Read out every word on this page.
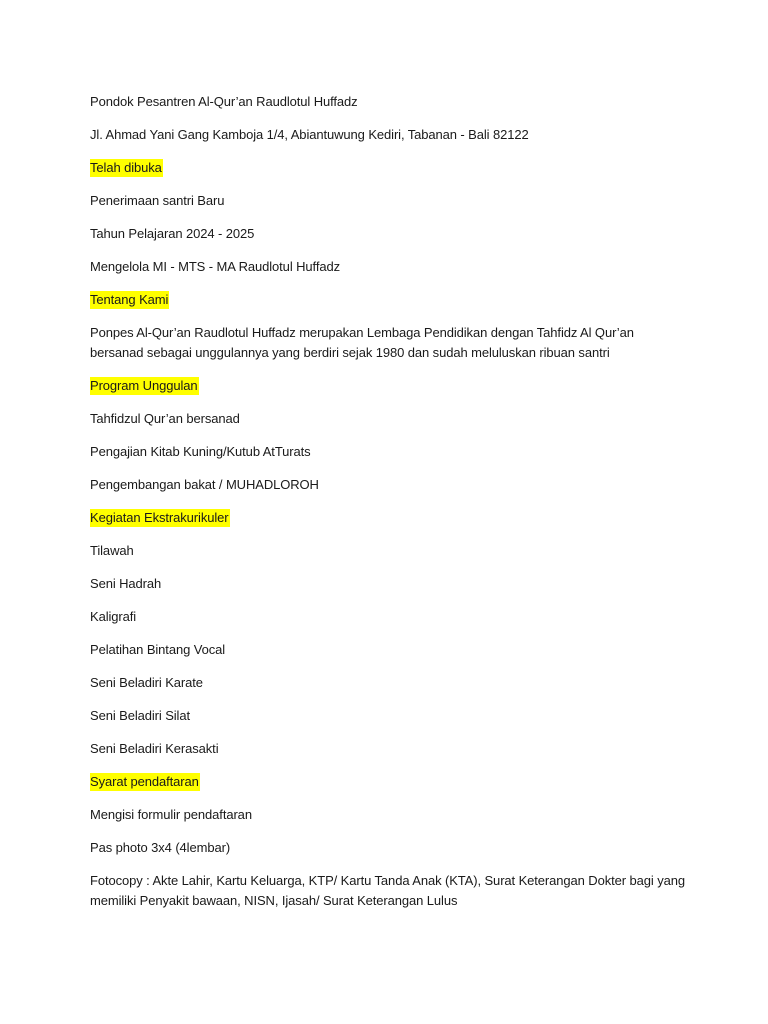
Pondok Pesantren Al-Qur’an Raudlotul Huffadz

Jl. Ahmad Yani Gang Kamboja 1/4, Abiantuwung Kediri, Tabanan - Bali 82122

Telah dibuka

Penerimaan santri Baru

Tahun Pelajaran 2024 - 2025

Mengelola MI - MTS - MA Raudlotul Huffadz

Tentang Kami

Ponpes Al-Qur’an Raudlotul Huffadz merupakan Lembaga Pendidikan dengan Tahfidz Al Qur’an bersanad sebagai unggulannya yang berdiri sejak 1980 dan sudah meluluskan ribuan santri

Program Unggulan

Tahfidzul Qur’an bersanad

Pengajian Kitab Kuning/Kutub AtTurats

Pengembangan bakat / MUHADLOROH

Kegiatan Ekstrakurikuler

Tilawah

Seni Hadrah

Kaligrafi

Pelatihan Bintang Vocal

Seni Beladiri Karate

Seni Beladiri Silat

Seni Beladiri Kerasakti

Syarat pendaftaran

Mengisi formulir pendaftaran

Pas photo 3x4 (4lembar)

Fotocopy : Akte Lahir, Kartu Keluarga, KTP/ Kartu Tanda Anak (KTA), Surat Keterangan Dokter bagi yang memiliki Penyakit bawaan, NISN, Ijasah/ Surat Keterangan Lulus
